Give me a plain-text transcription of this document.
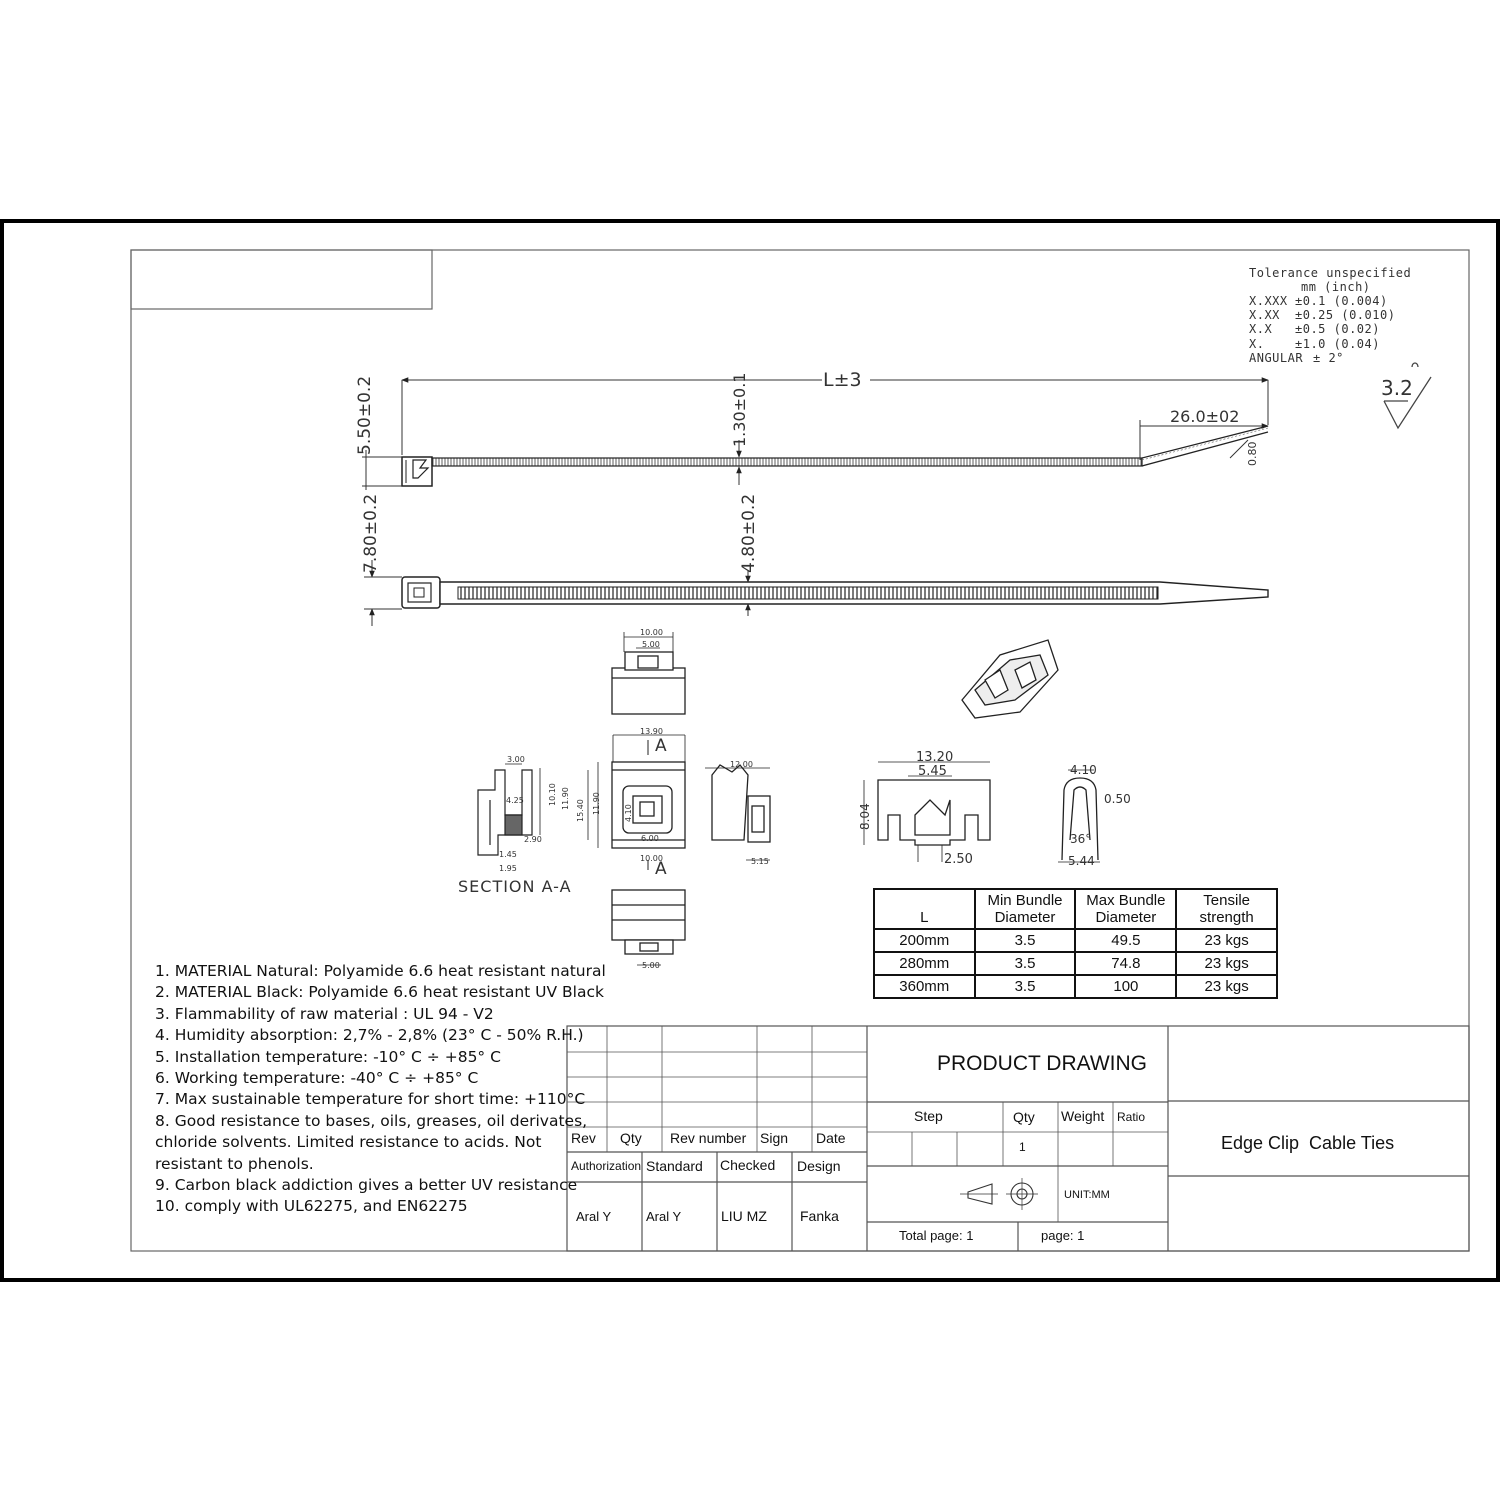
Tolerance unspecified
mm (inch)
X.XXX ±0.1 (0.004)
X.XX ±0.25 (0.010)
X.X ±0.5 (0.02)
X.	±1.0 (0.04)
ANGULAR ± 2°
3.2
L±3
26.0±02
0.80
5.50±0.2	1.30±0.1
7.80±0.2	4.80±0.2
10.00
5.00
13.90
A
A
15.40 11.90
6.00
4.10
10.00
3.00
4.25	10.10 11.90
2.90
1.45
1.95
SECTION A-A
12.00
5.15
5.00
13.20
5.45
8.04
2.50
4.10
0.50
36°
5.44
L	Min Bundle Diameter	Max Bundle Diameter	Tensile strength
200mm	3.5	49.5	23 kgs
280mm	3.5	74.8	23 kgs
360mm	3.5	100	23 kgs
1. MATERIAL Natural: Polyamide 6.6 heat resistant natural
2. MATERIAL Black: Polyamide 6.6 heat resistant UV Black
3. Flammability of raw material : UL 94 - V2
4. Humidity absorption: 2,7% - 2,8% (23° C - 50% R.H.)
5. Installation temperature: -10° C ÷ +85° C
6. Working temperature: -40° C ÷ +85° C
7. Max sustainable temperature for short time: +110°C
8. Good resistance to bases, oils, greases, oil derivates,
chloride solvents. Limited resistance to acids. Not
resistant to phenols.
9. Carbon black addiction gives a better UV resistance
10. comply with UL62275, and EN62275
Rev Qty Rev number Sign Date
Authorization Standard Checked Design
Aral Y	Aral Y	LIU MZ Fanka
PRODUCT DRAWING
Step	Qty Weight Ratio
1
UNIT:MM
Total page: 1	page: 1
Edge Clip  Cable Ties
